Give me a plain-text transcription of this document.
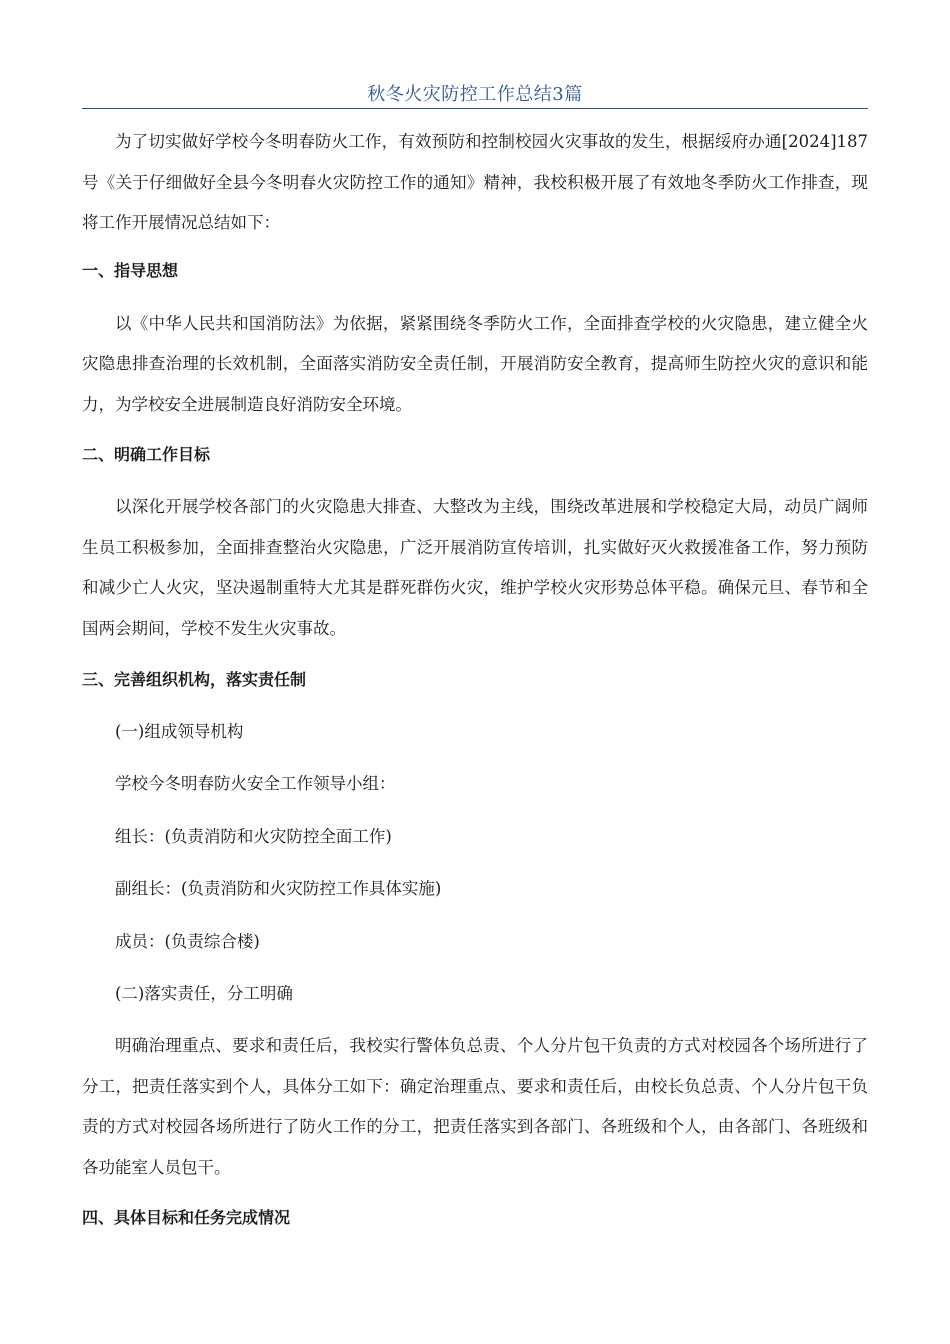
秋冬火灾防控工作总结3篇

为了切实做好学校今冬明春防火工作，有效预防和控制校园火灾事故的发生，根据绥府办通[2024]187号《关于仔细做好全县今冬明春火灾防控工作的通知》精神，我校积极开展了有效地冬季防火工作排查，现将工作开展情况总结如下：

一、指导思想

以《中华人民共和国消防法》为依据，紧紧围绕冬季防火工作，全面排查学校的火灾隐患，建立健全火灾隐患排查治理的长效机制，全面落实消防安全责任制，开展消防安全教育，提高师生防控火灾的意识和能力，为学校安全进展制造良好消防安全环境。

二、明确工作目标

以深化开展学校各部门的火灾隐患大排查、大整改为主线，围绕改革进展和学校稳定大局，动员广阔师生员工积极参加，全面排查整治火灾隐患，广泛开展消防宣传培训，扎实做好灭火救援准备工作，努力预防和减少亡人火灾，坚决遏制重特大尤其是群死群伤火灾，维护学校火灾形势总体平稳。确保元旦、春节和全国两会期间，学校不发生火灾事故。

三、完善组织机构，落实责任制

(一)组成领导机构

学校今冬明春防火安全工作领导小组：

组长：(负责消防和火灾防控全面工作)

副组长：(负责消防和火灾防控工作具体实施)

成员：(负责综合楼)

(二)落实责任，分工明确

明确治理重点、要求和责任后，我校实行警体负总责、个人分片包干负责的方式对校园各个场所进行了分工，把责任落实到个人，具体分工如下：确定治理重点、要求和责任后，由校长负总责、个人分片包干负责的方式对校园各场所进行了防火工作的分工，把责任落实到各部门、各班级和个人，由各部门、各班级和各功能室人员包干。

四、具体目标和任务完成情况
